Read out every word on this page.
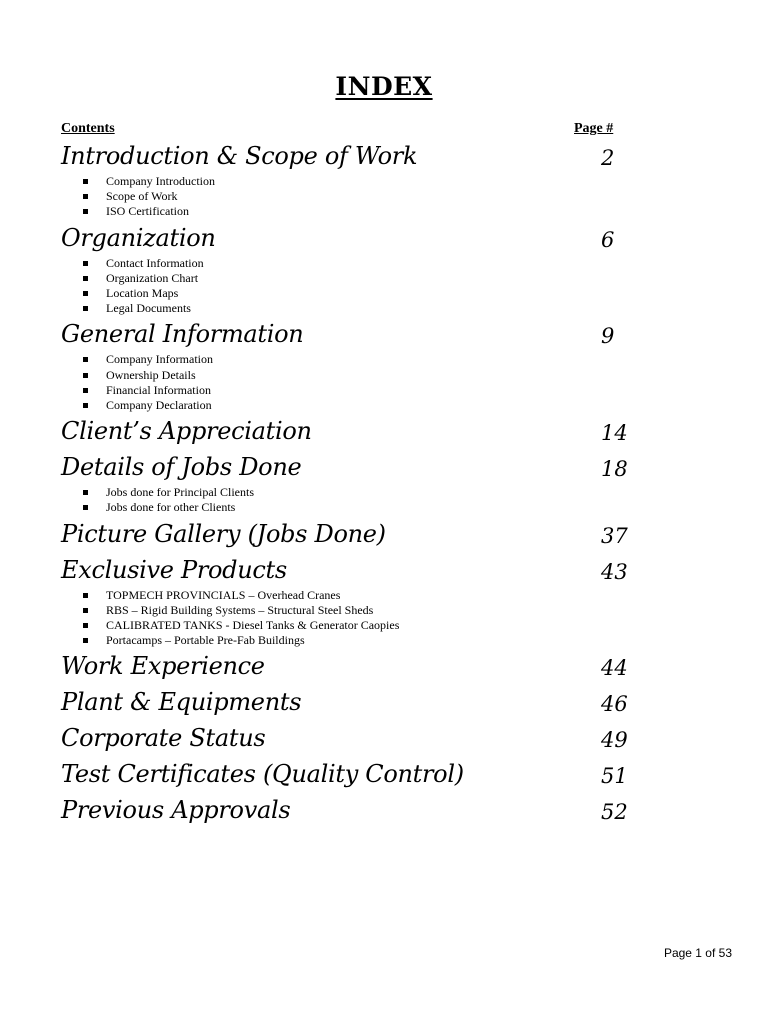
INDEX
Contents	Page #
Introduction & Scope of Work	2
Company Introduction
Scope of Work
ISO Certification
Organization	6
Contact Information
Organization Chart
Location Maps
Legal Documents
General Information	9
Company Information
Ownership Details
Financial Information
Company Declaration
Client’s Appreciation	14
Details of Jobs Done	18
Jobs done for Principal Clients
Jobs done for other Clients
Picture Gallery (Jobs Done)	37
Exclusive Products	43
TOPMECH PROVINCIALS – Overhead Cranes
RBS – Rigid Building Systems – Structural Steel Sheds
CALIBRATED TANKS - Diesel Tanks & Generator Caopies
Portacamps – Portable Pre-Fab Buildings
Work Experience	44
Plant & Equipments	46
Corporate Status	49
Test Certificates (Quality Control)	51
Previous Approvals	52
Page 1 of 53
